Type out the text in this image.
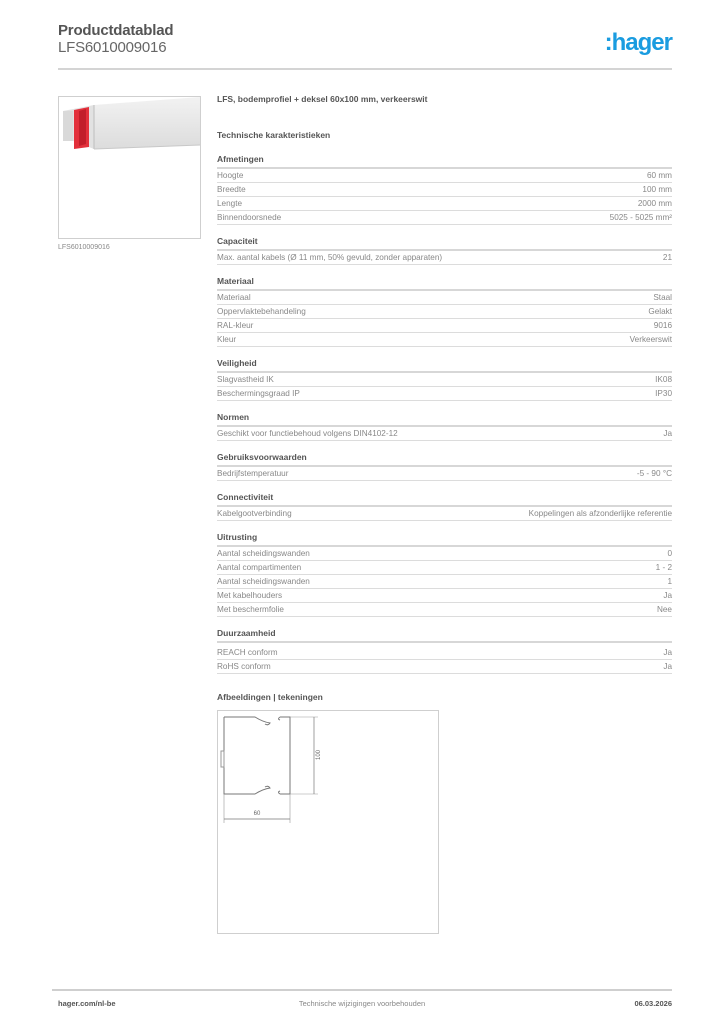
Productdatablad
LFS6010009016	:hager
LFS6010009016
LFS, bodemprofiel + deksel 60x100 mm, verkeerswit
Technische karakteristieken
Afmetingen
Hoogte	60 mm
Breedte	100 mm
Lengte	2000 mm
Binnendoorsnede	5025 - 5025 mm²
Capaciteit
Max. aantal kabels (Ø 11 mm, 50% gevuld, zonder apparaten)	21
Materiaal
Materiaal	Staal
Oppervlaktebehandeling	Gelakt
RAL-kleur	9016
Kleur	Verkeerswit
Veiligheid
Slagvastheid IK	IK08
Beschermingsgraad IP	IP30
Normen
Geschikt voor functiebehoud volgens DIN4102-12	Ja
Gebruiksvoorwaarden
Bedrijfstemperatuur	-5 - 90 °C
Connectiviteit
Kabelgootverbinding	Koppelingen als afzonderlijke referentie
Uitrusting
Aantal scheidingswanden	0
Aantal compartimenten	1 - 2
Aantal scheidingswanden	1
Met kabelhouders	Ja
Met beschermfolie	Nee
Duurzaamheid
REACH conform	Ja
RoHS conform	Ja
Afbeeldingen | tekeningen
100
60
hager.com/nl-be	Technische wijzigingen voorbehouden	06.03.2026
